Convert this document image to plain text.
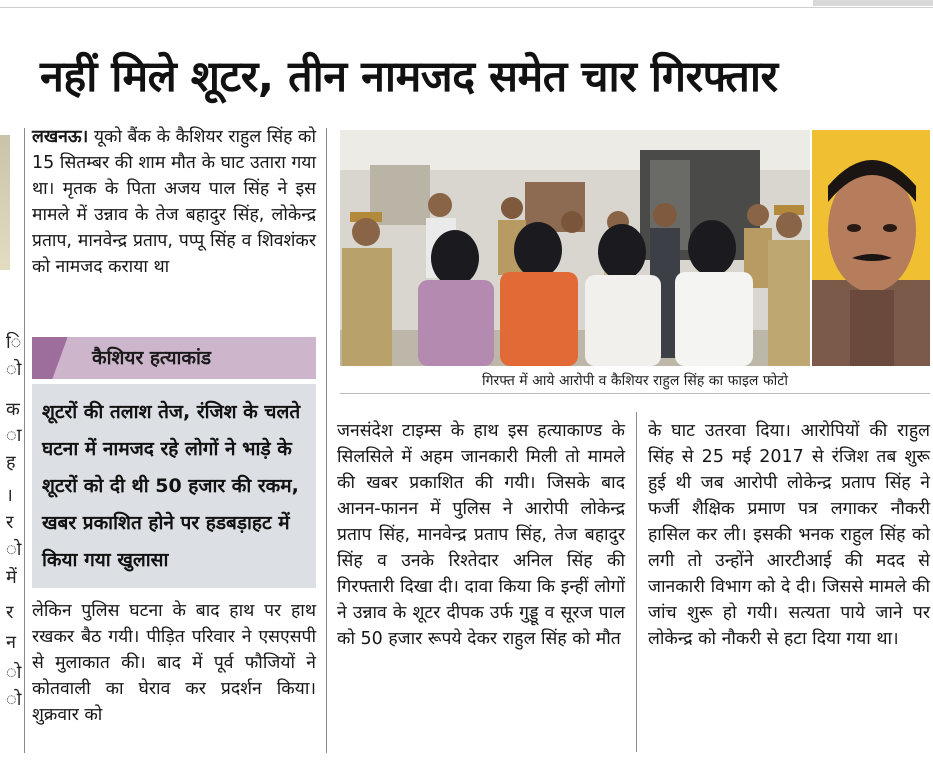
नहीं मिले शूटर, तीन नामजद समेत चार गिरफ्तार
ि
ो
क
ा
ह
।
र
ो
में
र
न
ो
ो
लखनऊ। यूको बैंक के कैशियर राहुल सिंह को 15 सितम्बर की शाम मौत के घाट उतारा गया था। मृतक के पिता अजय पाल सिंह ने इस मामले में उन्नाव के तेज बहादुर सिंह, लोकेन्द्र प्रताप, मानवेन्द्र प्रताप, पप्पू सिंह व शिवशंकर को नामजद कराया था
कैशियर हत्याकांड
शूटरों की तलाश तेज, रंजिश के चलते घटना में नामजद रहे लोगों ने भाड़े के शूटरों को दी थी 50 हजार की रकम, खबर प्रकाशित होने पर हडबड़ाहट में किया गया खुलासा
लेकिन पुलिस घटना के बाद हाथ पर हाथ रखकर बैठ गयी। पीड़ित परिवार ने एसएसपी से मुलाकात की। बाद में पूर्व फौजियों ने कोतवाली का घेराव कर प्रदर्शन किया। शुक्रवार को
गिरफ्त में आये आरोपी व कैशियर राहुल सिंह का फाइल फोटो
जनसंदेश टाइम्स के हाथ इस हत्याकाण्ड के सिलसिले में अहम जानकारी मिली तो मामले की खबर प्रकाशित की गयी। जिसके बाद आनन-फानन में पुलिस ने आरोपी लोकेन्द्र प्रताप सिंह, मानवेन्द्र प्रताप सिंह, तेज बहादुर सिंह व उनके रिश्तेदार अनिल सिंह की गिरफ्तारी दिखा दी। दावा किया कि इन्हीं लोगों ने उन्नाव के शूटर दीपक उर्फ गुड्डू व सूरज पाल को 50 हजार रूपये देकर राहुल सिंह को मौत
के घाट उतरवा दिया। आरोपियों की राहुल सिंह से 25 मई 2017 से रंजिश तब शुरू हुई थी जब आरोपी लोकेन्द्र प्रताप सिंह ने फर्जी शैक्षिक प्रमाण पत्र लगाकर नौकरी हासिल कर ली। इसकी भनक राहुल सिंह को लगी तो उन्होंने आरटीआई की मदद से जानकारी विभाग को दे दी। जिससे मामले की जांच शुरू हो गयी। सत्यता पाये जाने पर लोकेन्द्र को नौकरी से हटा दिया गया था।
